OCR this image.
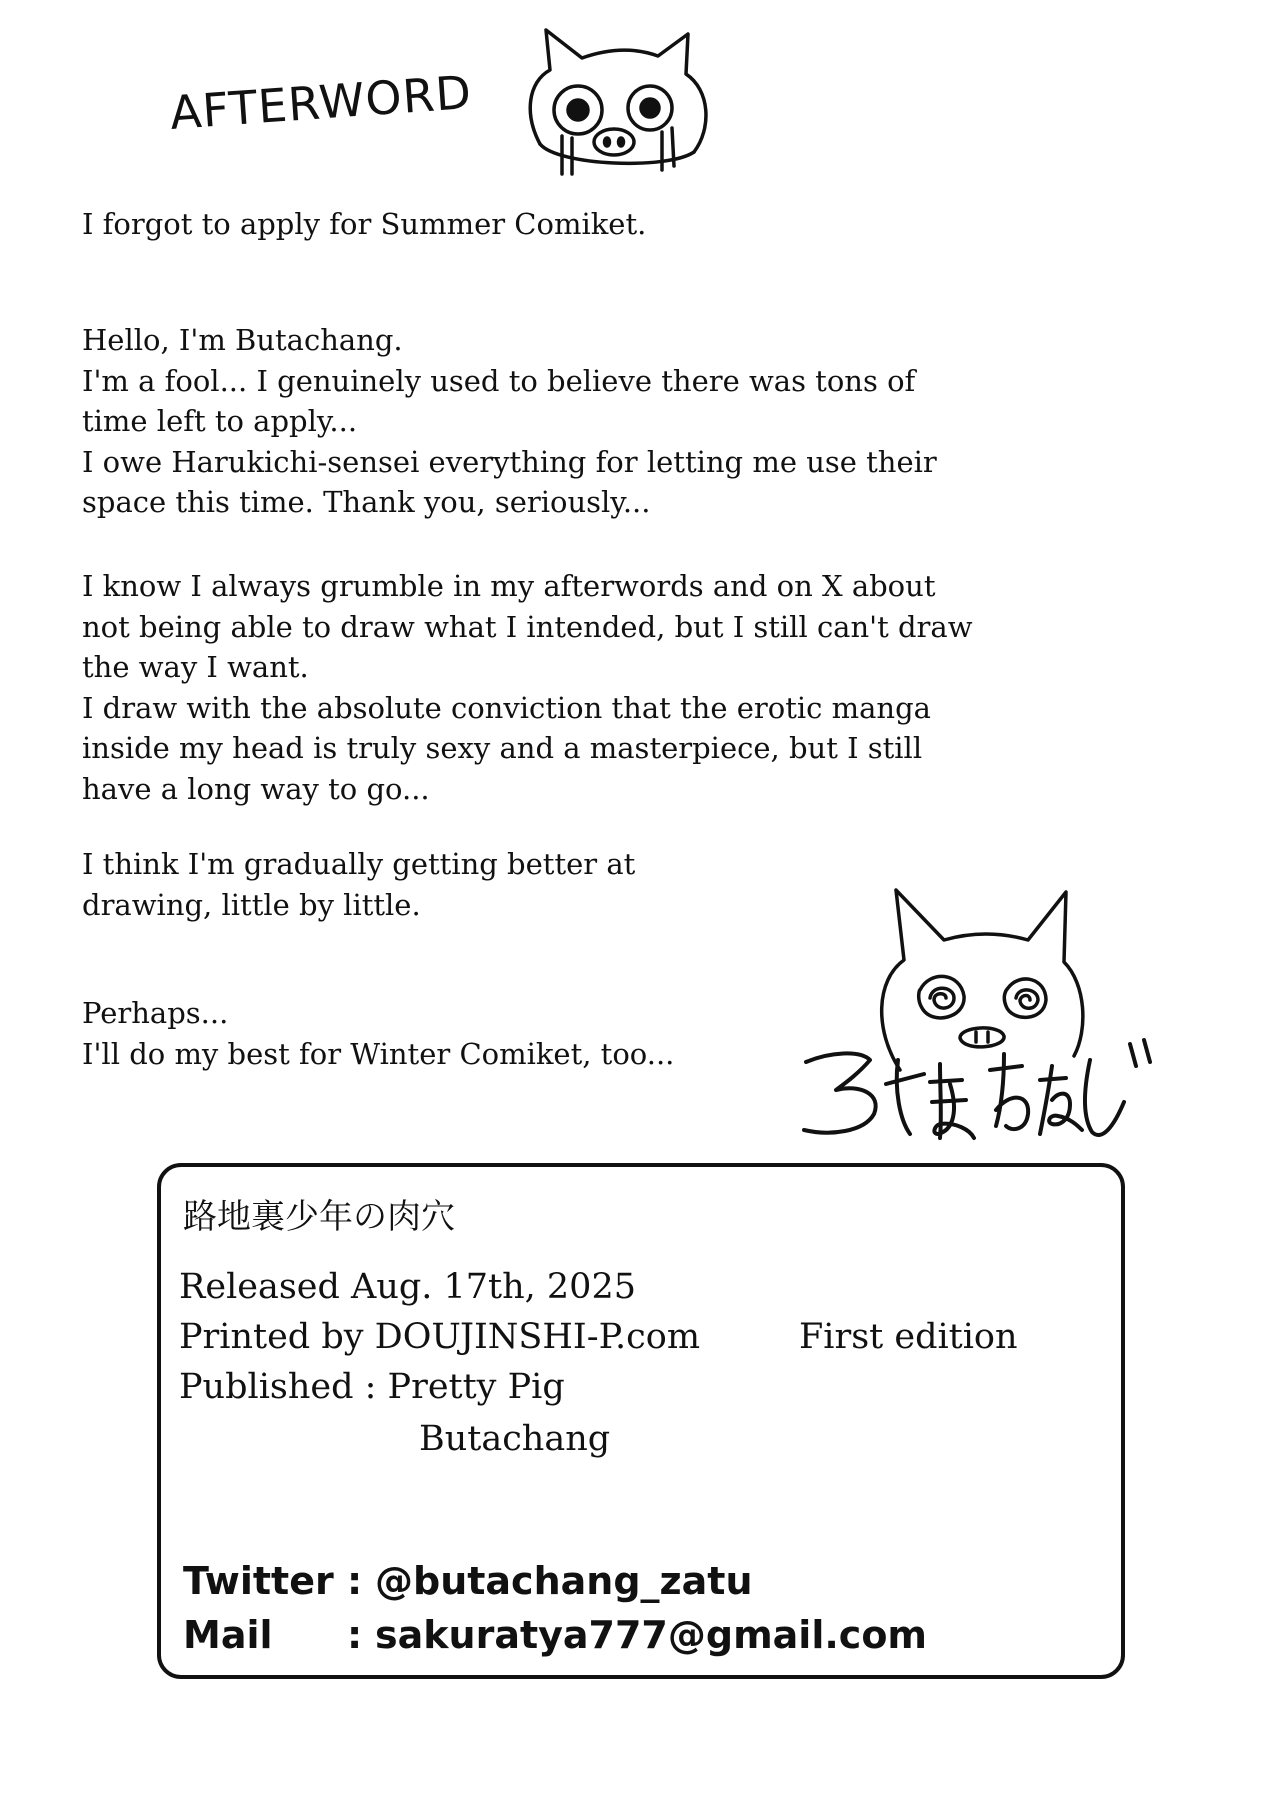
AFTERWORD

I forgot to apply for Summer Comiket.

Hello, I'm Butachang.
I'm a fool... I genuinely used to believe there was tons of
time left to apply...
I owe Harukichi-sensei everything for letting me use their
space this time. Thank you, seriously...

I know I always grumble in my afterwords and on X about
not being able to draw what I intended, but I still can't draw
the way I want.
I draw with the absolute conviction that the erotic manga
inside my head is truly sexy and a masterpiece, but I still
have a long way to go...

I think I'm gradually getting better at
drawing, little by little.

Perhaps...
I'll do my best for Winter Comiket, too...

路地裏少年の肉穴
Released Aug. 17th, 2025
Printed by DOUJINSHI-P.com	First edition
Published : Pretty Pig
Butachang
Twitter : @butachang_zatu
Mail : sakuratya777@gmail.com
